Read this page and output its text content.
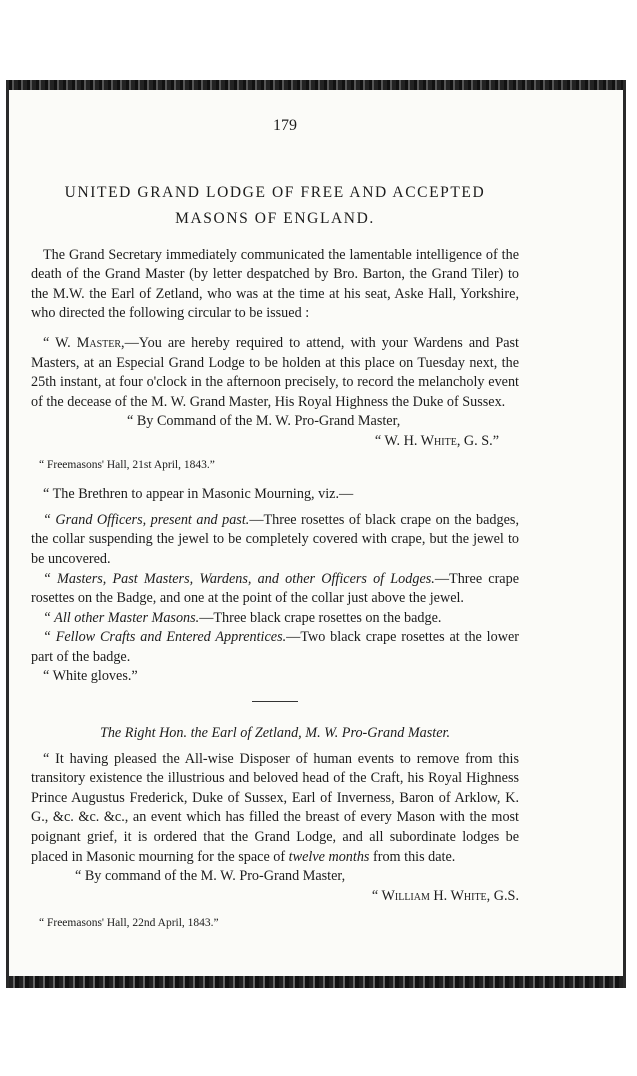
179
UNITED GRAND LODGE OF FREE AND ACCEPTED
MASONS OF ENGLAND.

The Grand Secretary immediately communicated the lamentable intelligence of the death of the Grand Master (by letter despatched by Bro. Barton, the Grand Tiler) to the M.W. the Earl of Zetland, who was at the time at his seat, Aske Hall, Yorkshire, who directed the following circular to be issued :

“ W. Master,—You are hereby required to attend, with your Wardens and Past Masters, at an Especial Grand Lodge to be holden at this place on Tuesday next, the 25th instant, at four o'clock in the afternoon precisely, to record the melancholy event of the decease of the M. W. Grand Master, His Royal Highness the Duke of Sussex.

“ By Command of the M. W. Pro-Grand Master,

“ W. H. White, G. S.”

“ Freemasons' Hall, 21st April, 1843.”

“ The Brethren to appear in Masonic Mourning, viz.—

“ Grand Officers, present and past.—Three rosettes of black crape on the badges, the collar suspending the jewel to be completely covered with crape, but the jewel to be uncovered.

“ Masters, Past Masters, Wardens, and other Officers of Lodges.—Three crape rosettes on the Badge, and one at the point of the collar just above the jewel.

“ All other Master Masons.—Three black crape rosettes on the badge.

“ Fellow Crafts and Entered Apprentices.—Two black crape rosettes at the lower part of the badge.

“ White gloves.”

The Right Hon. the Earl of Zetland, M. W. Pro-Grand Master.

“ It having pleased the All-wise Disposer of human events to remove from this transitory existence the illustrious and beloved head of the Craft, his Royal Highness Prince Augustus Frederick, Duke of Sussex, Earl of Inverness, Baron of Arklow, K. G., &c. &c. &c., an event which has filled the breast of every Mason with the most poignant grief, it is ordered that the Grand Lodge, and all subordinate lodges be placed in Masonic mourning for the space of twelve months from this date.

“ By command of the M. W. Pro-Grand Master,

“ William H. White, G.S.

“ Freemasons' Hall, 22nd April, 1843.”
